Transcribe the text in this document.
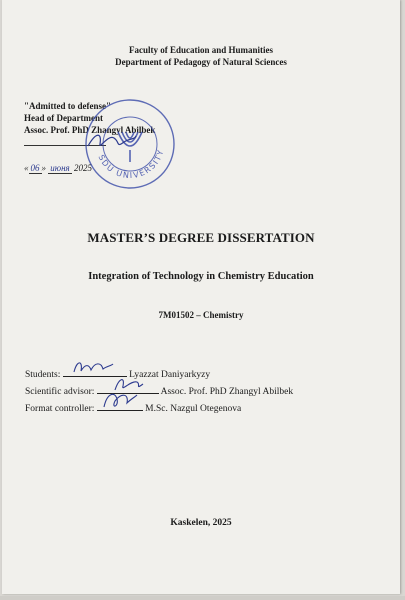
Faculty of Education and Humanities
Department of Pedagogy of Natural Sciences
"Admitted to defense"
Head of Department
Assoc. Prof. PhD Zhangyl Abilbek
« 06 » июня 2025
SDU UNIVERSITY
MASTER’S DEGREE DISSERTATION
Integration of Technology in Chemistry Education
7M01502 – Chemistry
Students:	Lyazzat Daniyarkyzy
Scientific advisor:	Assoc. Prof. PhD Zhangyl Abilbek
Format controller:	M.Sc. Nazgul Otegenova
Kaskelen, 2025
